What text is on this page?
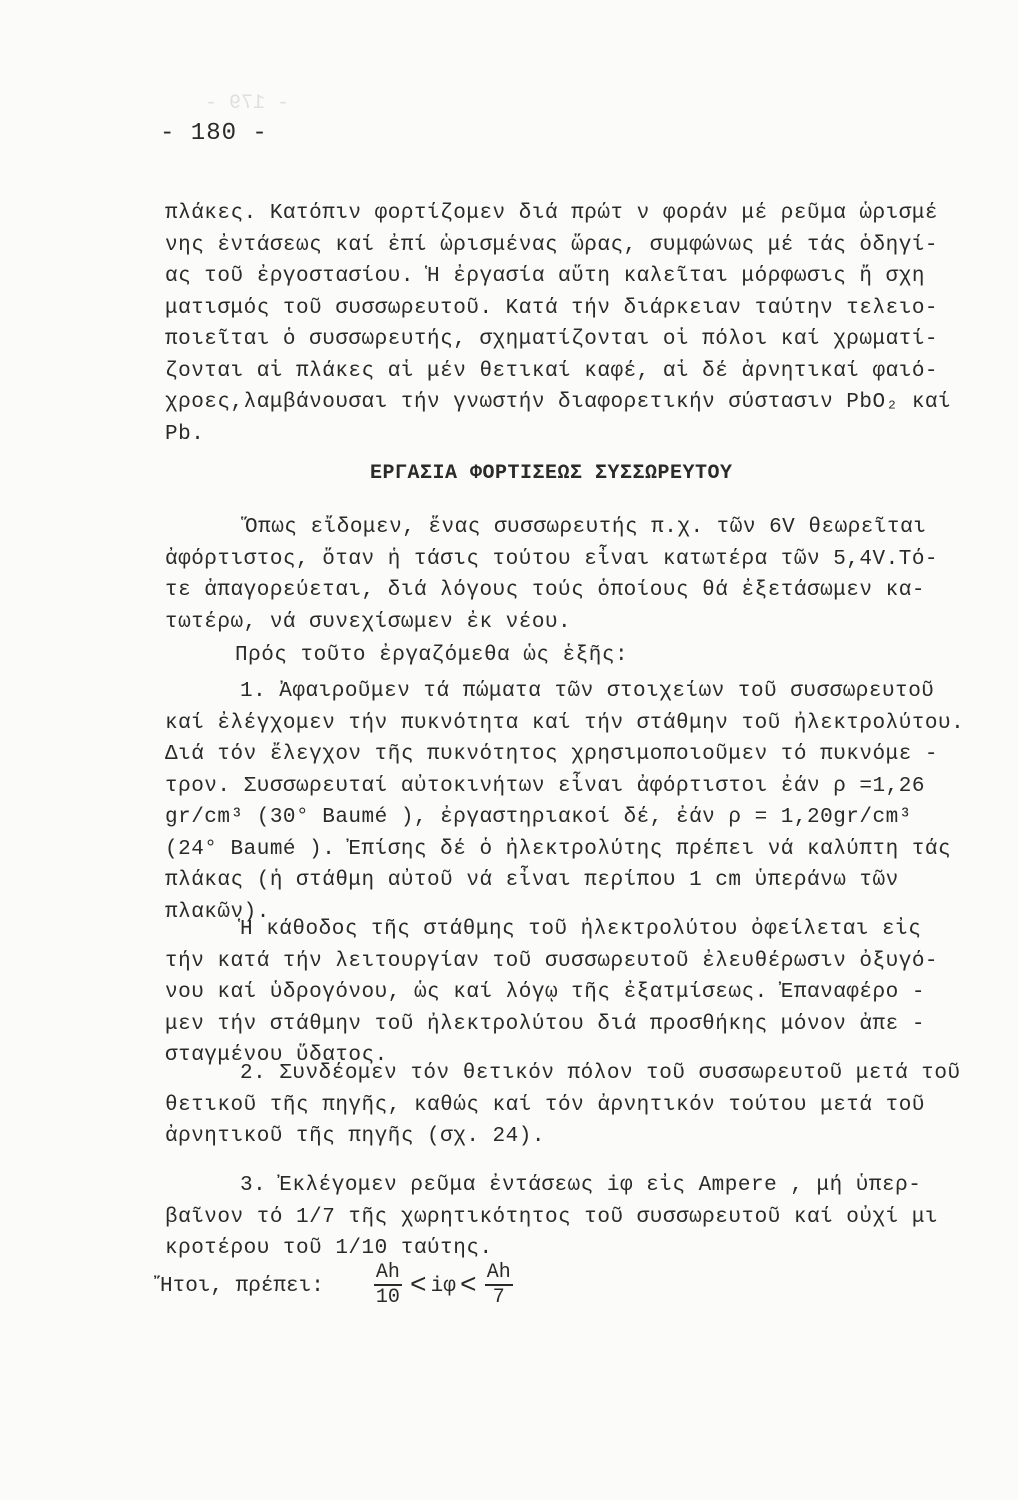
- 179 -
- 180 -

πλάκες. Κατόπιν φορτίζομεν διά πρώτ ν φοράν μέ ρεῦμα ὡρισμέ νης ἐντάσεως καί ἐπί ὡρισμένας ὥρας, συμφώνως μέ τάς ὁδηγί- ας τοῦ ἐργοστασίου. Ἡ ἐργασία αὕτη καλεῖται μόρφωσις ἤ σχη ματισμός τοῦ συσσωρευτοῦ. Κατά τήν διάρκειαν ταύτην τελειο- ποιεῖται ὁ συσσωρευτής, σχηματίζονται οἱ πόλοι καί χρωματί- ζονται αἱ πλάκες αἱ μέν θετικαί καφέ, αἱ δέ ἀρνητικαί φαιό- χροες,λαμβάνουσαι τήν γνωστήν διαφορετικήν σύστασιν PbO₂ καί Pb.

ΕΡΓΑΣΙΑ ΦΟΡΤΙΣΕΩΣ ΣΥΣΣΩΡΕΥΤΟΥ

Ὅπως εἴδομεν, ἕνας συσσωρευτής π.χ. τῶν 6V θεωρεῖται ἀφόρτιστος, ὅταν ἡ τάσις τούτου εἶναι κατωτέρα τῶν 5,4V.Τό- τε ἀπαγορεύεται, διά λόγους τούς ὁποίους θά ἐξετάσωμεν κα- τωτέρω, νά συνεχίσωμεν ἐκ νέου.

Πρός τοῦτο ἐργαζόμεθα ὡς ἑξῆς:

1. Ἀφαιροῦμεν τά πώματα τῶν στοιχείων τοῦ συσσωρευτοῦ καί ἐλέγχομεν τήν πυκνότητα καί τήν στάθμην τοῦ ἠλεκτρολύτου. Διά τόν ἔλεγχον τῆς πυκνότητος χρησιμοποιοῦμεν τό πυκνόμε - τρον. Συσσωρευταί αὐτοκινήτων εἶναι ἀφόρτιστοι ἐάν ρ =1,26 gr/cm³ (30° Baumé ), ἐργαστηριακοί δέ, ἐάν ρ = 1,20gr/cm³ (24° Baumé ). Ἐπίσης δέ ὁ ἠλεκτρολύτης πρέπει νά καλύπτη τάς πλάκας (ἡ στάθμη αὐτοῦ νά εἶναι περίπου 1 cm ὑπεράνω τῶν πλακῶν).

Ἡ κάθοδος τῆς στάθμης τοῦ ἠλεκτρολύτου ὀφείλεται εἰς τήν κατά τήν λειτουργίαν τοῦ συσσωρευτοῦ ἐλευθέρωσιν ὀξυγό- νου καί ὑδρογόνου, ὡς καί λόγῳ τῆς ἐξατμίσεως. Ἐπαναφέρο - μεν τήν στάθμην τοῦ ἠλεκτρολύτου διά προσθήκης μόνον ἀπε - σταγμένου ὕδατος.

2. Συνδέομεν τόν θετικόν πόλον τοῦ συσσωρευτοῦ μετά τοῦ θετικοῦ τῆς πηγῆς, καθώς καί τόν ἀρνητικόν τούτου μετά τοῦ ἀρνητικοῦ τῆς πηγῆς (σχ. 24).

3. Ἐκλέγομεν ρεῦμα ἐντάσεως iφ εἰς Ampere , μή ὑπερ- βαῖνον τό 1/7 τῆς χωρητικότητος τοῦ συσσωρευτοῦ καί οὐχί μι κροτέρου τοῦ 1/10 ταύτης.

Ἤτοι, πρέπει:	$\frac{Ah}{10} < i\varphi < \frac{Ah}{7}$
